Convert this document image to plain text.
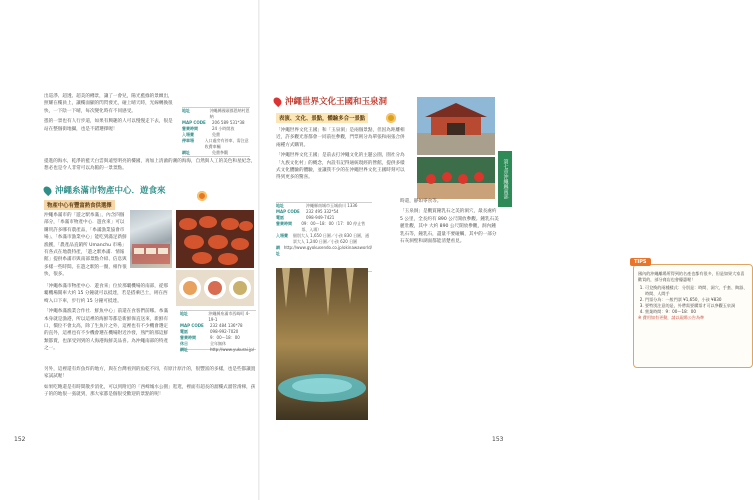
出巡淨、超透、超美的樽景，讓了一會兒，陽光藍綠的景緻出，照耀在樓員上，讓樓面顯的閃閃發光，碰上晴天時，光線轉換很快，一下陰一下晴，每次變化時有不同感受。

憑的一景也有人行步道，如果有興趣的人可以慢慢走下去，很是站在整個街地攝，也是不錯選擇喔！

地址	沖繩縣國頭郡恩納村恩納
MAP CODE	206 589 531*38
營業時間	24 小時開放
入場費	免費
停車場	入口處旁有停車，需注意收費車輛
網址	免費參觀
提進的海水，乾淨的藍天白雲與遠型明亮的樓國，再加上清澈的潮的海海，自然與人工的美色和星紀念，想必也是令人非常可以為館的一景景點。
沖繩糸滿市物產中心．遊食來
物產中心有豐富熟食供選擇

沖繩糸滿市的「遊之駅糸滿」，內含四個部分，「糸滿市物產中心．遊食來」可以購買許多哪有農產品，「糸滿漁業協會市場」、「糸滿市漁業中心」能吃到滿足新鮮漁獲，「農產品直銷所 Umanchu 市場」有各式在地農特產，「遊之駅糸滿．情報館」提供糸滿市與南部景點介紹、信息與多樣一些時間。在遊之駅的一圈，相作很快，很多。

「沖繩糸滿市物產中心．遊食來」位於那覇機場的南部，從那覇機場開車大約 15 分鐘就可以抵達，若是搭乘巴士，則在西崎入口下車，步行約 15 分鐘可抵達。

「沖繩糸滿漁業合作社．鮮魚中心」前還在食客們前哪。糸滿本身就是漁港，所以這裡的海鮮等都是新鮮保直送來，新鮮有口，價位不會太高，除了生魚片之外，這裡也有不少機會選定的直外，這裡也有不少機會選在機場附近沙發，熟門的那這鮮類都賣，也深受到到的人海港海鮮美品喜。為沖繩南部的特產之一。

地址	沖繩縣糸滿市西崎町 4-19-1
MAP CODE	232 484 136*78
電話	098-992-7020
營業時間	9：00～18：00
休日	全年無休
網址	http://www.yukurai.jp/

另外，這裡還有炸魚炸的地方，與在台灣看到的魚乾不同，有原汁原汁的，很豐富的多樣，也是些都讓置家試試喔！

如果吃飽還是有時間散步消化，可以到附近的「西崎城水公園」逛逛，裡面有超長的溜樓式溜管滑梯，孩子的的地很一張就到，那大家都是個很受歡迎的景點的呢！

152
沖繩世界文化王國和玉泉洞
表演、文化、景點，體驗多合一景點

「沖繩世界文化王國」和「玉泉洞」是兩個景點，但因為距離相近，許多觀光客都會一同前往參觀，門票則分為單張和兩張合併兩種方式購買。

「沖繩世界文化王國」是前去打沖繩文化的主題公園，園社分為「九族文化村」的概念，內設有記得通統現經的營館，提供多樣式文化體驗的體驗，並讓我不少的在沖繩世界文化王國時刻可以得到更多的驚喜。

地址	沖繩縣南城市玉城前川 1336
MAP CODE	232 495 332*54
電話	098-949-7421
營業時間	09：00～18：00（17：00 停止售票、入場）
入場費	個別大人 1,650 日圓／小孩 830 日圓，通票大人 1,240 日圓／小孩 620 日圓
網址
http://www.gyokusendo.co.jp/okinawaworld/

時還，靜如零食等。

「玉泉洞」是觀賞鐘乳石之美的洞穴，最長處約 5 公里，全長約有 890 公尺開放參觀。鍾乳石美麗壯觀，其中 大約 890 公尺開放參觀，洞內鍾乳石等，鐘乳石，盡量不要碰觸，其中的一部分石灰洞壁和湖面都能清楚看見。

TIPS

國內的沖繩離場所得到的名產也都有很多，但是如果大家喜歡買的，部分商店也會優惠喔！

1. 可兌換的兩種樣式：分別是：時間、洞穴、手套、陶器、時間、人間手
2. 門票分為：一般門票 ¥1,650，小孩 ¥830
3. 要特別注意的是，外帶需要購票才可以參觀玉泉洞
4. 營業時間：9：00～18：00

※ 費用如有更動，請以現場公告為準

153
第七章沖繩縣南部
